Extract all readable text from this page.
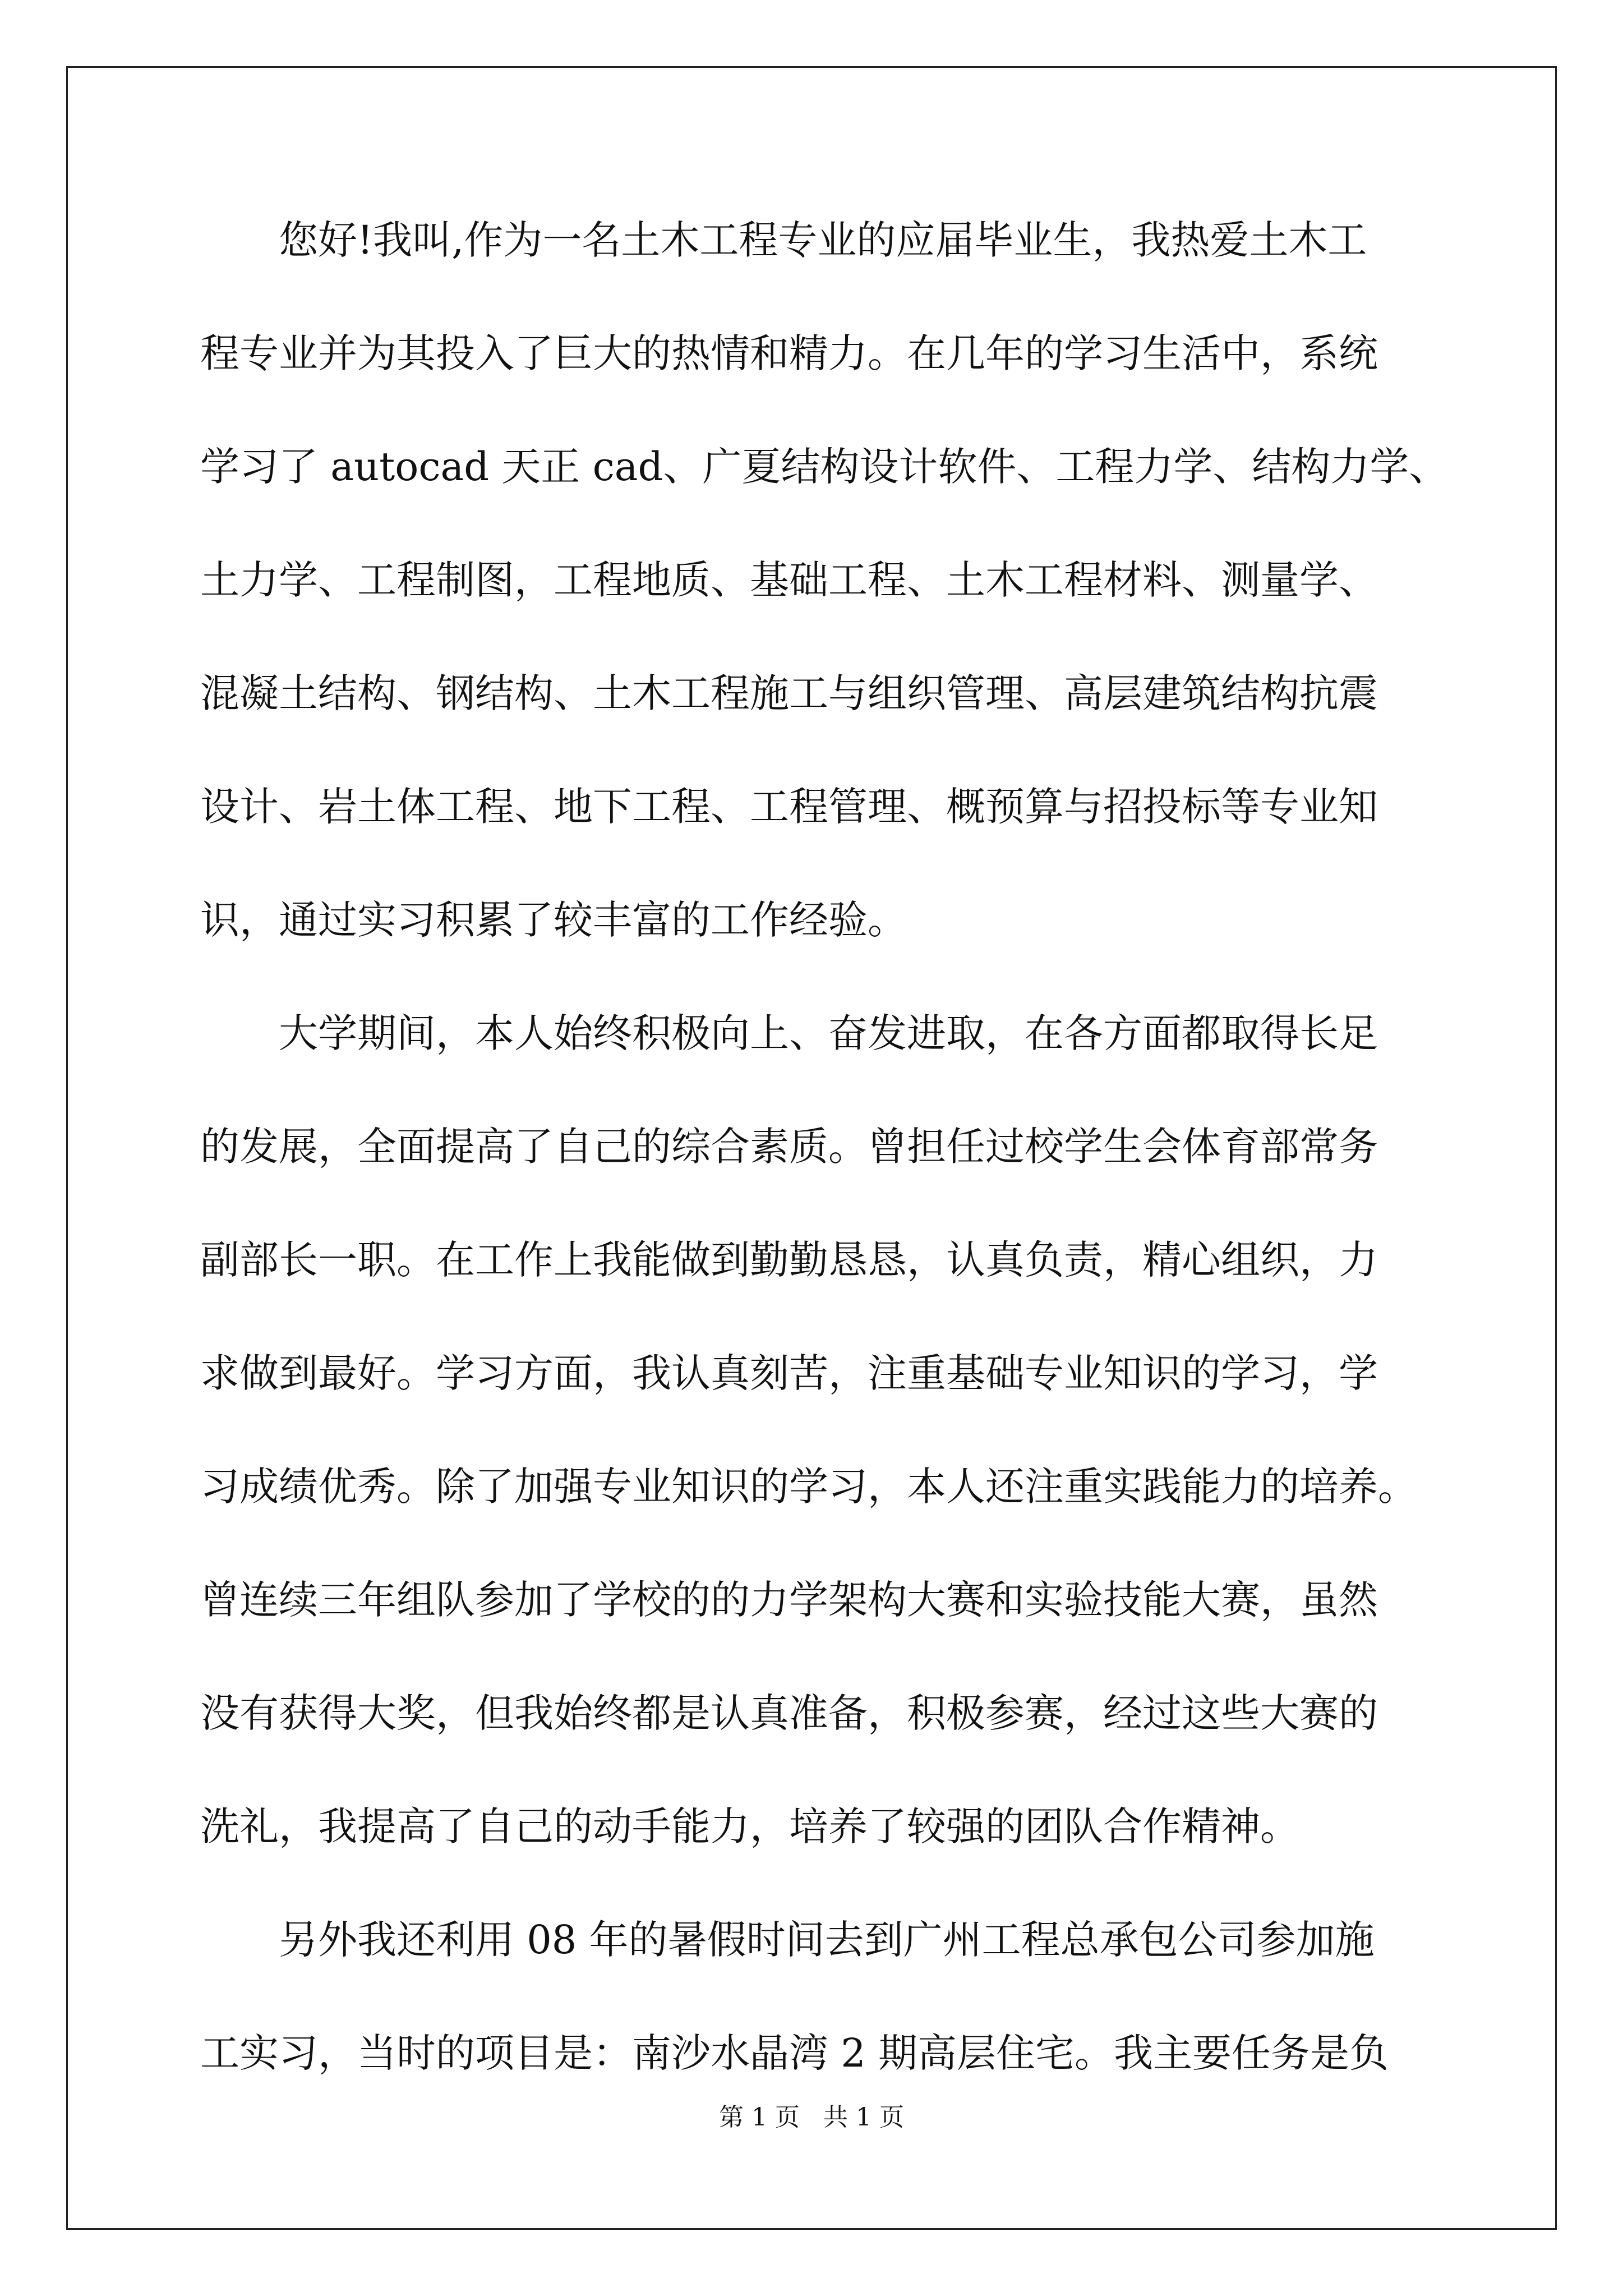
　　您好!我叫,作为一名土木工程专业的应届毕业生，我热爱土木工
程专业并为其投入了巨大的热情和精力。在几年的学习生活中，系统
学习了 autocad 天正 cad、广夏结构设计软件、工程力学、结构力学、
土力学、工程制图，工程地质、基础工程、土木工程材料、测量学、
混凝土结构、钢结构、土木工程施工与组织管理、高层建筑结构抗震
设计、岩土体工程、地下工程、工程管理、概预算与招投标等专业知
识，通过实习积累了较丰富的工作经验。
　　大学期间，本人始终积极向上、奋发进取，在各方面都取得长足
的发展，全面提高了自己的综合素质。曾担任过校学生会体育部常务
副部长一职。在工作上我能做到勤勤恳恳，认真负责，精心组织，力
求做到最好。学习方面，我认真刻苦，注重基础专业知识的学习，学
习成绩优秀。除了加强专业知识的学习，本人还注重实践能力的培养。
曾连续三年组队参加了学校的的力学架构大赛和实验技能大赛，虽然
没有获得大奖，但我始终都是认真准备，积极参赛，经过这些大赛的
洗礼，我提高了自己的动手能力，培养了较强的团队合作精神。
　　另外我还利用 08 年的暑假时间去到广州工程总承包公司参加施
工实习，当时的项目是：南沙水晶湾 2 期高层住宅。我主要任务是负
第 1 页   共 1 页
